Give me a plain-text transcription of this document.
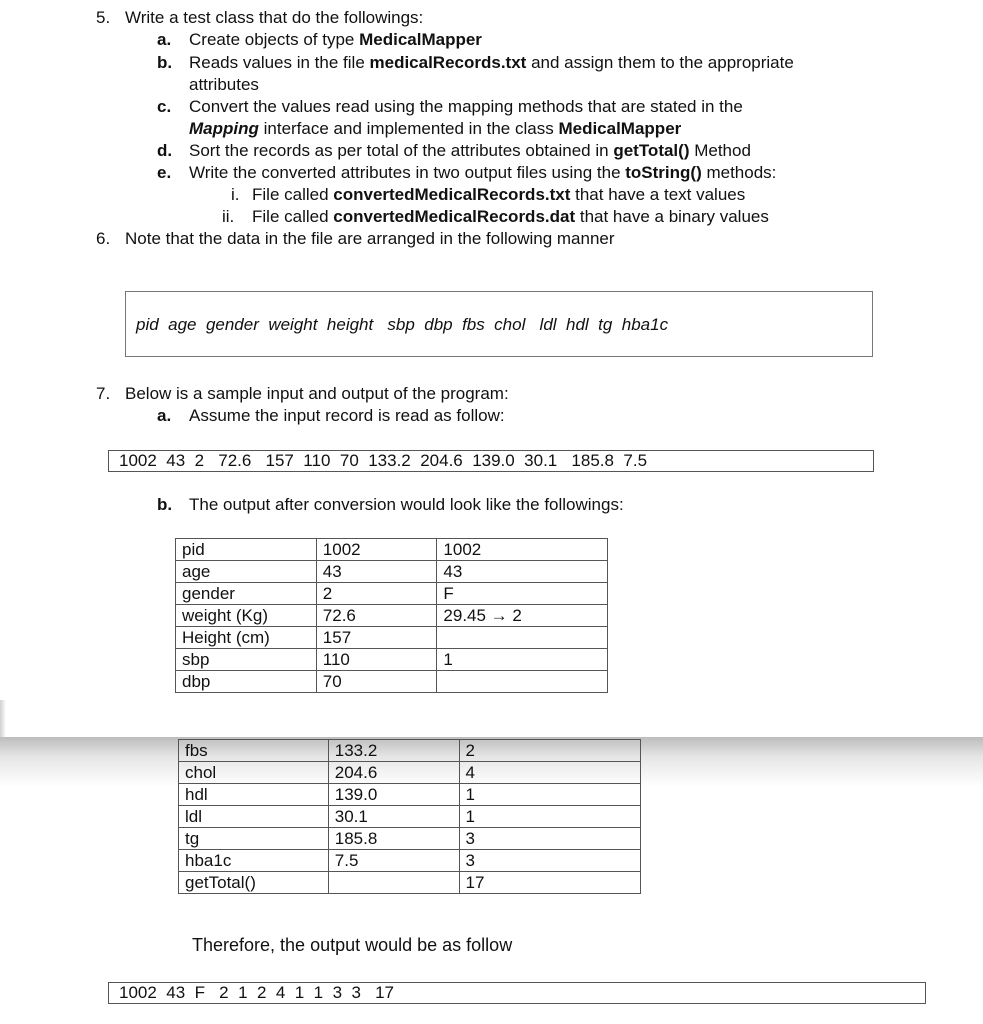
5. Write a test class that do the followings:
a. Create objects of type MedicalMapper
b. Reads values in the file medicalRecords.txt and assign them to the appropriate
attributes
c. Convert the values read using the mapping methods that are stated in the
Mapping interface and implemented in the class MedicalMapper
d. Sort the records as per total of the attributes obtained in getTotal() Method
e. Write the converted attributes in two output files using the toString() methods:
i. File called convertedMedicalRecords.txt that have a text values
ii. File called convertedMedicalRecords.dat that have a binary values
6. Note that the data in the file are arranged in the following manner
pid  age  gender  weight  height   sbp  dbp  fbs  chol   ldl  hdl  tg  hba1c
7. Below is a sample input and output of the program:
a. Assume the input record is read as follow:
1002  43  2   72.6   157  110  70  133.2  204.6  139.0  30.1   185.8  7.5
b. The output after conversion would look like the followings:
pid	1002	1002
age	43	43
gender	2	F
weight (Kg)	72.6	29.45 → 2
Height (cm)	157	
sbp	110	1
dbp	70	
fbs	133.2	2
chol	204.6	4
hdl	139.0	1
ldl	30.1	1
tg	185.8	3
hba1c	7.5	3
getTotal()		17
Therefore, the output would be as follow
1002  43  F   2  1  2  4  1  1  3  3   17
